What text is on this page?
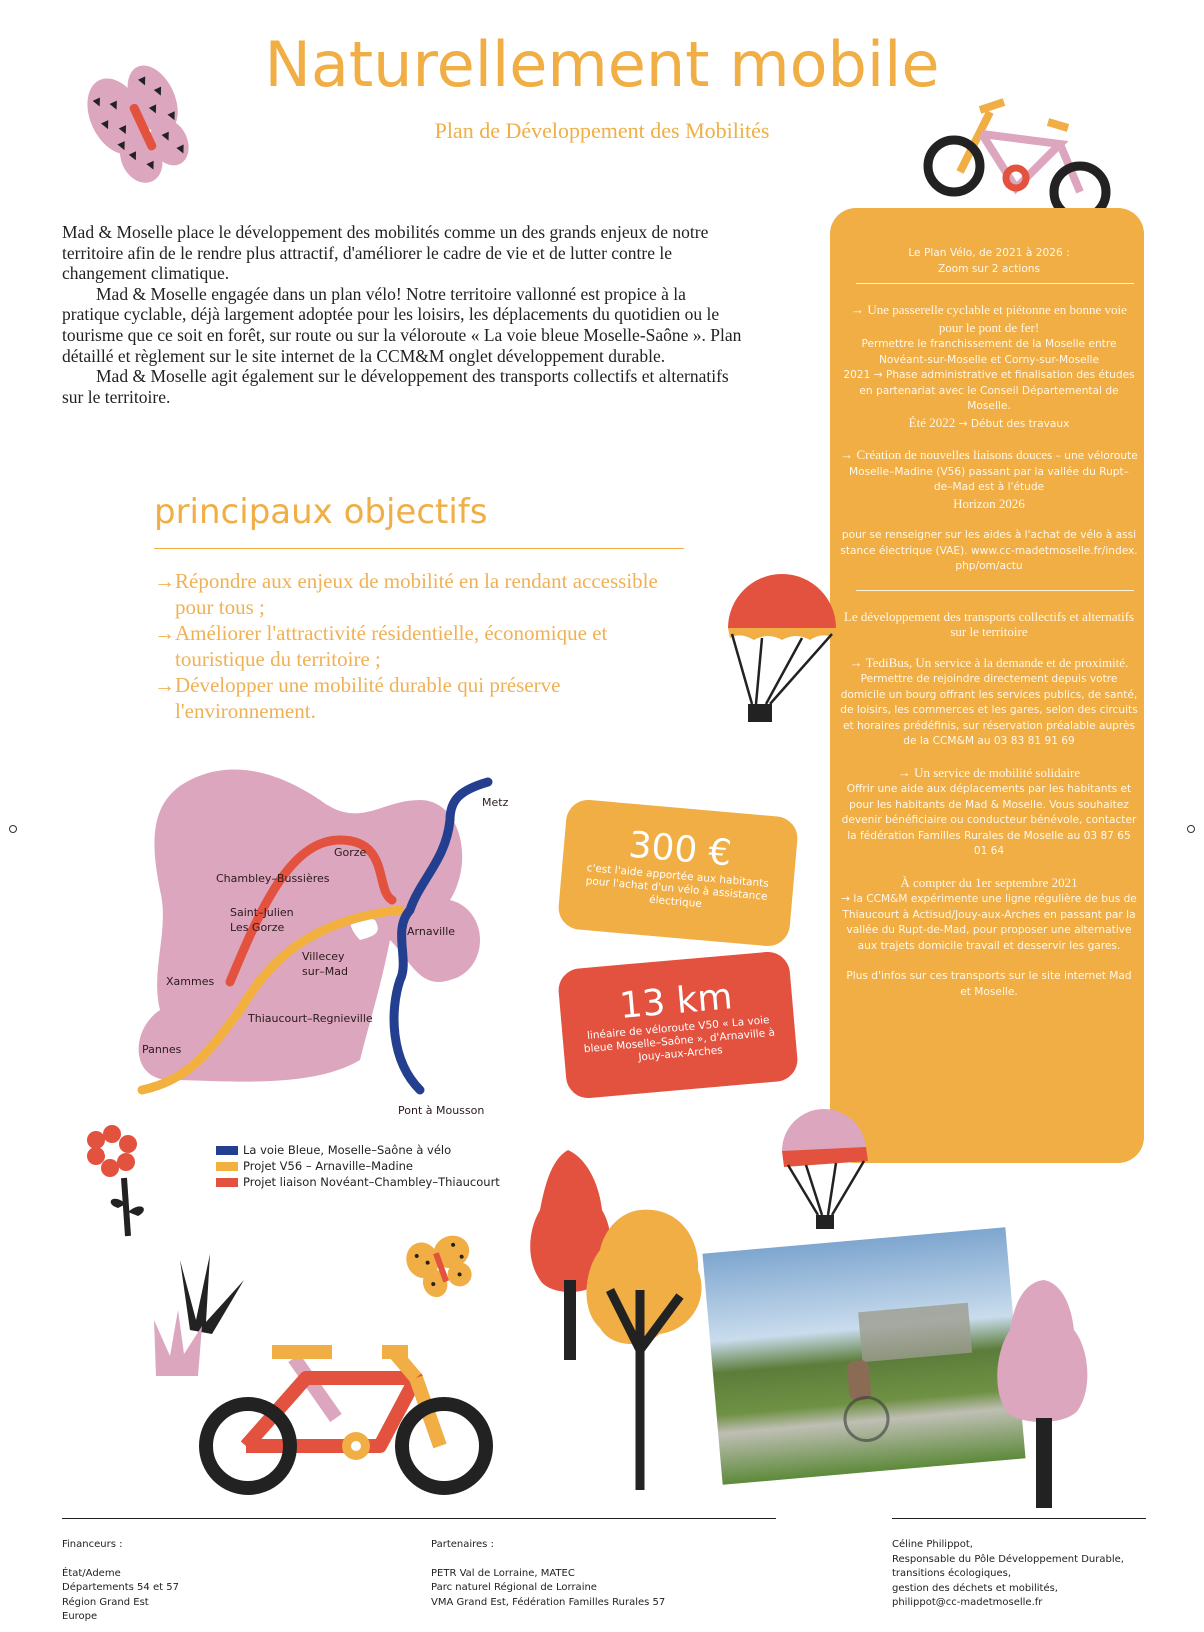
Naturellement mobile
Plan de Développement des Mobilités

Mad & Moselle place le développement des mobilités comme un des grands enjeux de notre territoire afin de le rendre plus attractif, d'améliorer le cadre de vie et de lutter contre le changement climatique.

Mad & Moselle engagée dans un plan vélo! Notre territoire vallonné est propice à la pratique cyclable, déjà largement adoptée pour les loisirs, les déplacements du quotidien ou le tourisme que ce soit en forêt, sur route ou sur la véloroute « La voie bleue Moselle-Saône ». Plan détaillé et règlement sur le site internet de la CCM&M onglet développement durable.

Mad & Moselle agit également sur le développement des transports collectifs et alternatifs sur le territoire.

principaux objectifs
→ Répondre aux enjeux de mobilité en la rendant accessible pour tous ;
→ Améliorer l'attractivité résidentielle, économique et touristique du territoire ;
→ Développer une mobilité durable qui préserve l'environnement.

Le Plan Vélo, de 2021 à 2026 :
Zoom sur 2 actions

→ Une passerelle cyclable et piétonne en bonne voie pour le pont de fer!
Permettre le franchissement de la Moselle entre Novéant-sur-Moselle et Corny-sur-Moselle
2021 → Phase administrative et finalisation des études en partenariat avec le Conseil Départemental de Moselle.
Été 2022 → Début des travaux

→ Création de nouvelles liaisons douces – une véloroute Moselle–Madine (V56) passant par la vallée du Rupt–de–Mad est à l'étude
Horizon 2026

pour se renseigner sur les aides à l'achat de vélo à assistance électrique (VAE). www.cc-madetmoselle.fr/index.php/om/actu

Le développement des transports collectifs et alternatifs sur le territoire

→ TediBus, Un service à la demande et de proximité.
Permettre de rejoindre directement depuis votre domicile un bourg offrant les services publics, de santé, de loisirs, les commerces et les gares, selon des circuits et horaires prédéfinis, sur réservation préalable auprès de la CCM&M au 03 83 81 91 69

→ Un service de mobilité solidaire
Offrir une aide aux déplacements par les habitants et pour les habitants de Mad & Moselle. Vous souhaitez devenir bénéficiaire ou conducteur bénévole, contacter la fédération Familles Rurales de Moselle au 03 87 65 01 64

À compter du 1er septembre 2021
→ la CCM&M expérimente une ligne régulière de bus de Thiaucourt à Actisud/Jouy-aux-Arches en passant par la vallée du Rupt-de-Mad, pour proposer une alternative aux trajets domicile travail et desservir les gares.

Plus d'infos sur ces transports sur le site internet Mad et Moselle.

Metz
Gorze
Chambley–Bussières
Saint–Julien
Les Gorze	Arnaville
Villecey
sur–Mad
Xammes
Thiaucourt–Regnieville
Pannes
Pont à Mousson
La voie Bleue, Moselle–Saône à vélo
Projet V56 – Arnaville–Madine
Projet liaison Novéant–Chambley–Thiaucourt
300 €
c'est l'aide apportée aux habitants pour l'achat d'un vélo à assistance électrique
13 km
linéaire de véloroute V50 « La voie bleue Moselle–Saône », d'Arnaville à Jouy-aux-Arches
Financeurs :
État/Ademe
Départements 54 et 57
Région Grand Est
Europe
Partenaires :
PETR Val de Lorraine, MATEC
Parc naturel Régional de Lorraine
VMA Grand Est, Fédération Familles Rurales 57
Céline Philippot,
Responsable du Pôle Développement Durable,
transitions écologiques,
gestion des déchets et mobilités,
philippot@cc-madetmoselle.fr
